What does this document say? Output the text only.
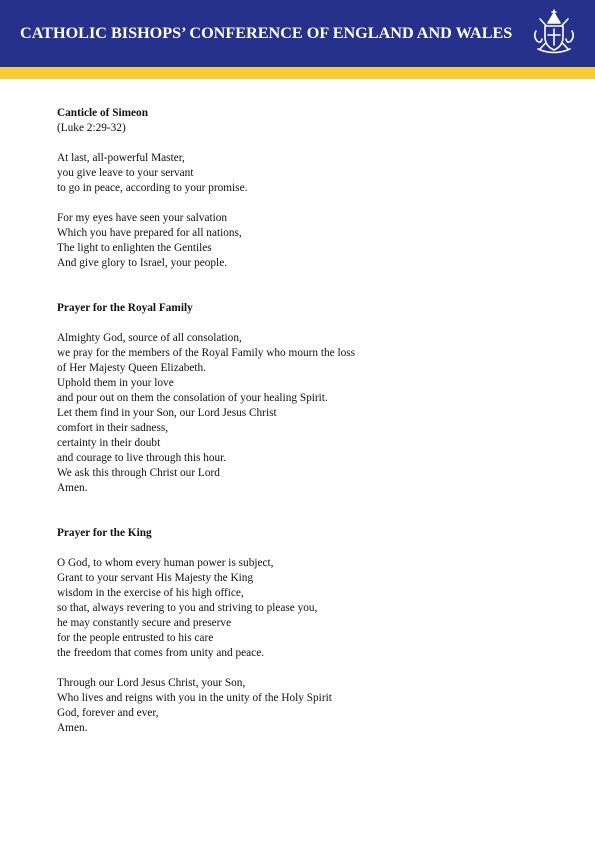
CATHOLIC BISHOPS’ CONFERENCE OF ENGLAND AND WALES
Canticle of Simeon
(Luke 2:29-32)
At last, all-powerful Master,
you give leave to your servant
to go in peace, according to your promise.
For my eyes have seen your salvation
Which you have prepared for all nations,
The light to enlighten the Gentiles
And give glory to Israel, your people.
Prayer for the Royal Family
Almighty God, source of all consolation,
we pray for the members of the Royal Family who mourn the loss
of Her Majesty Queen Elizabeth.
Uphold them in your love
and pour out on them the consolation of your healing Spirit.
Let them find in your Son, our Lord Jesus Christ
comfort in their sadness,
certainty in their doubt
and courage to live through this hour.
We ask this through Christ our Lord
Amen.
Prayer for the King
O God, to whom every human power is subject,
Grant to your servant His Majesty the King
wisdom in the exercise of his high office,
so that, always revering to you and striving to please you,
he may constantly secure and preserve
for the people entrusted to his care
the freedom that comes from unity and peace.
Through our Lord Jesus Christ, your Son,
Who lives and reigns with you in the unity of the Holy Spirit
God, forever and ever,
Amen.
